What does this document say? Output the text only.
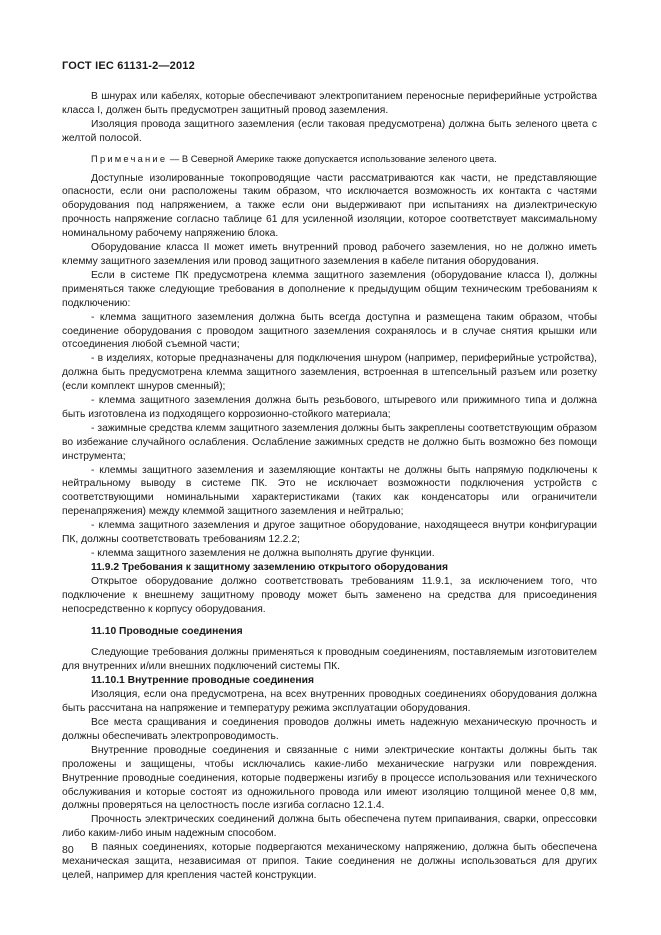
ГОСТ IEC 61131-2—2012

В шнурах или кабелях, которые обеспечивают электропитанием переносные периферийные устройства класса I, должен быть предусмотрен защитный провод заземления.

Изоляция провода защитного заземления (если таковая предусмотрена) должна быть зеленого цвета с желтой полосой.

Примечание — В Северной Америке также допускается использование зеленого цвета.

Доступные изолированные токопроводящие части рассматриваются как части, не представляющие опасности, если они расположены таким образом, что исключается возможность их контакта с частями оборудования под напряжением, а также если они выдерживают при испытаниях на диэлектрическую прочность напряжение согласно таблице 61 для усиленной изоляции, которое соответствует максимальному номинальному рабочему напряжению блока.

Оборудование класса II может иметь внутренний провод рабочего заземления, но не должно иметь клемму защитного заземления или провод защитного заземления в кабеле питания оборудования.

Если в системе ПК предусмотрена клемма защитного заземления (оборудование класса I), должны применяться также следующие требования в дополнение к предыдущим общим техническим требованиям к подключению:

- клемма защитного заземления должна быть всегда доступна и размещена таким образом, чтобы соединение оборудования с проводом защитного заземления сохранялось и в случае снятия крышки или отсоединения любой съемной части;

- в изделиях, которые предназначены для подключения шнуром (например, периферийные устройства), должна быть предусмотрена клемма защитного заземления, встроенная в штепсельный разъем или розетку (если комплект шнуров сменный);

- клемма защитного заземления должна быть резьбового, штыревого или прижимного типа и должна быть изготовлена из подходящего коррозионно-стойкого материала;

- зажимные средства клемм защитного заземления должны быть закреплены соответствующим образом во избежание случайного ослабления. Ослабление зажимных средств не должно быть возможно без помощи инструмента;

- клеммы защитного заземления и заземляющие контакты не должны быть напрямую подключены к нейтральному выводу в системе ПК. Это не исключает возможности подключения устройств с соответствующими номинальными характеристиками (таких как конденсаторы или ограничители перенапряжения) между клеммой защитного заземления и нейтралью;

- клемма защитного заземления и другое защитное оборудование, находящееся внутри конфигурации ПК, должны соответствовать требованиям 12.2.2;

- клемма защитного заземления не должна выполнять другие функции.

11.9.2 Требования к защитному заземлению открытого оборудования

Открытое оборудование должно соответствовать требованиям 11.9.1, за исключением того, что подключение к внешнему защитному проводу может быть заменено на средства для присоединения непосредственно к корпусу оборудования.

11.10 Проводные соединения

Следующие требования должны применяться к проводным соединениям, поставляемым изготовителем для внутренних и/или внешних подключений системы ПК.

11.10.1 Внутренние проводные соединения

Изоляция, если она предусмотрена, на всех внутренних проводных соединениях оборудования должна быть рассчитана на напряжение и температуру режима эксплуатации оборудования.

Все места сращивания и соединения проводов должны иметь надежную механическую прочность и должны обеспечивать электропроводимость.

Внутренние проводные соединения и связанные с ними электрические контакты должны быть так проложены и защищены, чтобы исключались какие-либо механические нагрузки или повреждения. Внутренние проводные соединения, которые подвержены изгибу в процессе использования или технического обслуживания и которые состоят из одножильного провода или имеют изоляцию толщиной менее 0,8 мм, должны проверяться на целостность после изгиба согласно 12.1.4.

Прочность электрических соединений должна быть обеспечена путем припаивания, сварки, опрессовки либо каким-либо иным надежным способом.

В паяных соединениях, которые подвергаются механическому напряжению, должна быть обеспечена механическая защита, независимая от припоя. Такие соединения не должны использоваться для других целей, например для крепления частей конструкции.

80
